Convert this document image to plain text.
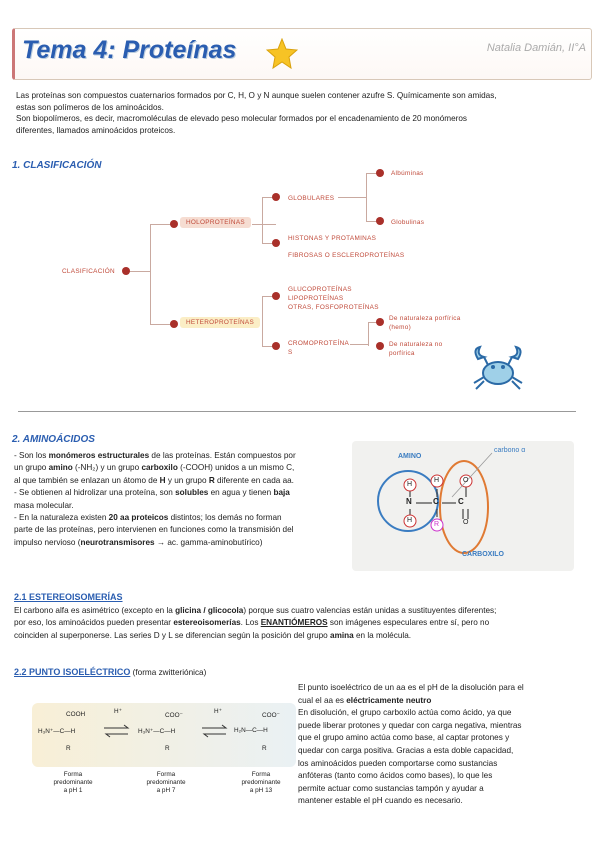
Tema 4: Proteínas	Natalia Damián, II°A
Las proteínas son compuestos cuaternarios formados por C, H, O y N aunque suelen contener azufre S. Químicamente son amidas,
estas son polímeros de los aminoácidos.
Son biopolímeros, es decir, macromoléculas de elevado peso molecular formados por el encadenamiento de 20 monómeros
diferentes, llamados aminoácidos proteicos.
1. CLASIFICACIÓN
CLASIFICACIÓN
HOLOPROTEÍNAS
HETEROPROTEÍNAS
GLOBULARES
Albúminas
Globulinas
HISTONAS Y PROTAMINAS
FIBROSAS O ESCLEROPROTEÍNAS
GLUCOPROTEÍNAS
LIPOPROTEÍNAS
OTRAS, FOSFOPROTEÍNAS
CROMOPROTEÍNA
S
De naturaleza porfírica
(hemo)
De naturaleza no
porfírica
2. AMINOÁCIDOS
- Son los monómeros estructurales de las proteínas. Están compuestos por
un grupo amino (-NH₂) y un grupo carboxilo (-COOH) unidos a un mismo C,
al que también se enlazan un átomo de H y un grupo R diferente en cada aa.
- Se obtienen al hidrolizar una proteína, son solubles en agua y tienen baja
masa molecular.
- En la naturaleza existen 20 aa proteicos distintos; los demás no forman
parte de las proteínas, pero intervienen en funciones como la transmisión del
impulso nervioso (neurotransmisores → ac. gamma-aminobutírico)
AMINO
carbono α
CARBOXILO
N	C C
H
H
H
R
O
O
2.1 ESTEREOISOMERÍAS
El carbono alfa es asimétrico (excepto en la glicina / glicocola) porque sus cuatro valencias están unidas a sustituyentes diferentes;
por eso, los aminoácidos pueden presentar estereoisomerías. Los ENANTIÓMEROS son imágenes especulares entre sí, pero no
coinciden al superponerse. Las series D y L se diferencian según la posición del grupo amina en la molécula.
2.2 PUNTO ISOELÉCTRICO (forma zwitteriónica)
El punto isoeléctrico de un aa es el pH de la disolución para el
cual el aa es eléctricamente neutro
En disolución, el grupo carboxilo actúa como ácido, ya que
puede liberar protones y quedar con carga negativa, mientras
que el grupo amino actúa como base, al captar protones y
quedar con carga positiva. Gracias a esta doble capacidad,
los aminoácidos pueden comportarse como sustancias
anfóteras (tanto como ácidos como bases), lo que les
permite actuar como sustancias tampón y ayudar a
mantener estable el pH cuando es necesario.
COOH
H₃N⁺—C—H
R
COO⁻
H₃N⁺—C—H
R
COO⁻
H₂N—C—H
R
H⁺	H⁺
Forma
predominante
a pH 1
Forma
predominante
a pH 7
Forma
predominante
a pH 13
